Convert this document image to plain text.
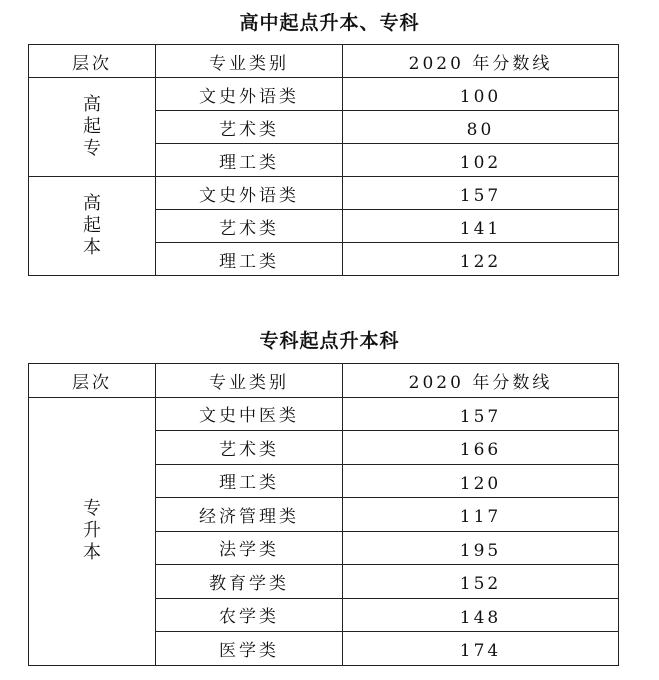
高中起点升本、专科
层次	专业类别	2020 年分数线
高起专	文史外语类	100
	艺术类	80
	理工类	102
高起本	文史外语类	157
	艺术类	141
	理工类	122
专科起点升本科
层次	专业类别	2020 年分数线
专升本	文史中医类	157
	艺术类	166
	理工类	120
	经济管理类	117
	法学类	195
	教育学类	152
	农学类	148
	医学类	174
